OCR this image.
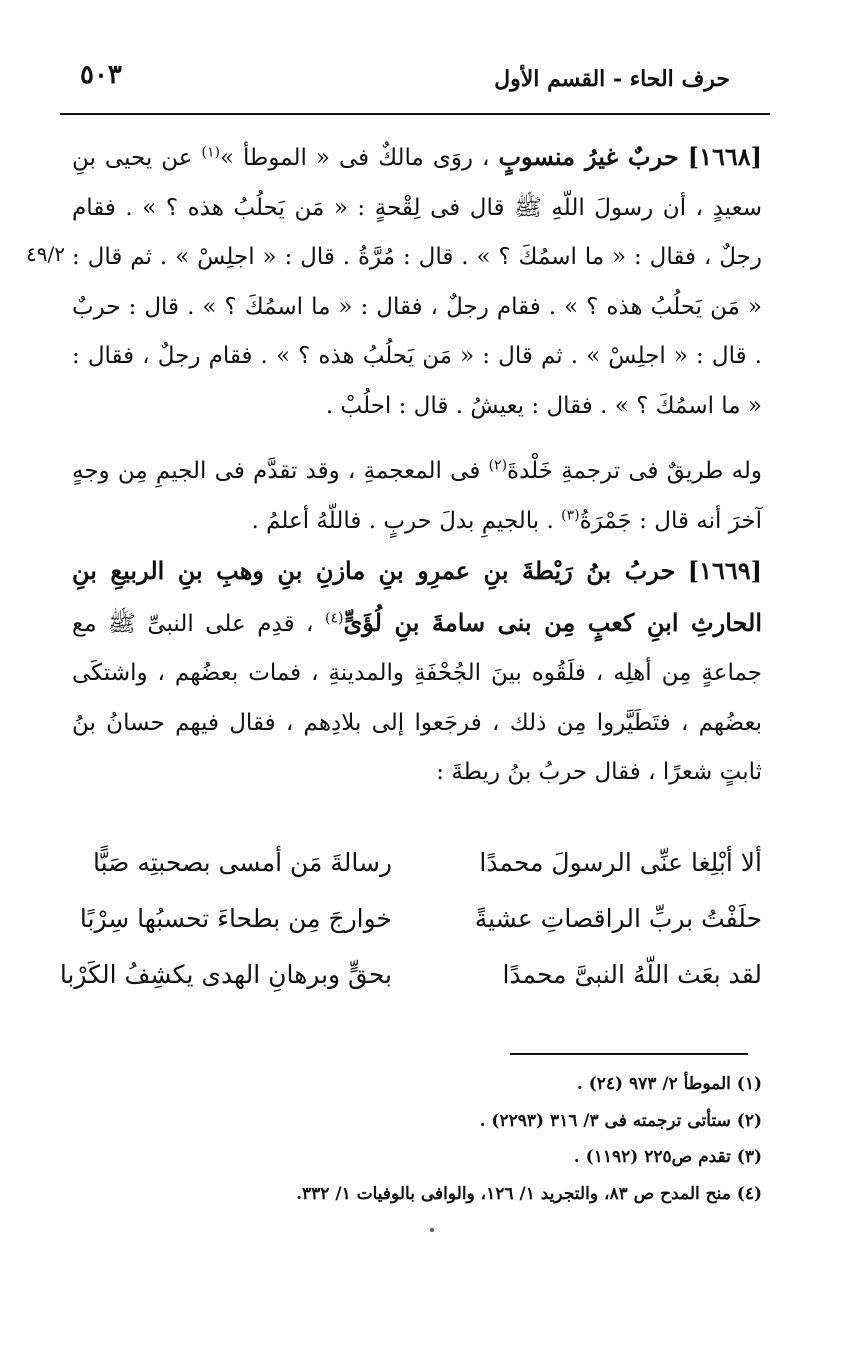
٥٠٣	حرف الحاء - القسم الأول
٤٩/٢

[١٦٦٨] حربٌ غيرُ منسوبٍ ، روَى مالكٌ فى « الموطأ »$^{(١)}$ عن يحيى بنِ سعيدٍ ، أن رسولَ اللّهِ ﷺ قال فى لِقْحةٍ : « مَن يَحلُبُ هذه ؟ » . فقام رجلٌ ، فقال : « ما اسمُكَ ؟ » . قال : مُرَّةُ . قال : « اجلِسْ » . ثم قال : « مَن يَحلُبُ هذه ؟ » . فقام رجلٌ ، فقال : « ما اسمُكَ ؟ » . قال : حربٌ . قال : « اجلِسْ » . ثم قال : « مَن يَحلُبُ هذه ؟ » . فقام رجلٌ ، فقال : « ما اسمُكَ ؟ » . فقال : يعيشُ . قال : احلُبْ .

وله طريقٌ فى ترجمةِ خَلْدةَ$^{(٢)}$ فى المعجمةِ ، وقد تقدَّم فى الجيمِ مِن وجهٍ آخرَ أنه قال : جَمْرَةُ$^{(٣)}$ . بالجيمِ بدلَ حربٍ . فاللّهُ أعلمُ .

[١٦٦٩] حربُ بنُ رَيْطةَ بنِ عمرِو بنِ مازنِ بنِ وهبِ بنِ الربيعِ بنِ الحارثِ ابنِ كعبٍ مِن بنى سامةَ بنِ لُؤَىٍّ$^{(٤)}$ ، قدِم على النبىِّ ﷺ مع جماعةٍ مِن أهلِه ، فلَقُوه بينَ الجُحْفَةِ والمدينةِ ، فمات بعضُهم ، واشتكَى بعضُهم ، فتَطَيَّروا مِن ذلك ، فرجَعوا إلى بلادِهم ، فقال فيهم حسانُ بنُ ثابتٍ شعرًا ، فقال حربُ بنُ ريطةَ :

ألا أبْلِغا عنِّى الرسولَ محمدًا
رسالةَ مَن أمسى بصحبتِه صَبًّا
حلَفْتُ بربِّ الراقصاتِ عشيةً
خوارجَ مِن بطحاءَ تحسبُها سِرْبًا
لقد بعَث اللّهُ النبىَّ محمدًا
بحقٍّ وبرهانِ الهدى يكشِفُ الكَرْبا

(١) الموطأ ٢/ ٩٧٣ (٢٤) .

(٢) ستأتى ترجمته فى ٣/ ٣١٦ (٢٢٩٣) .

(٣) تقدم ص٢٢٥ (١١٩٢) .

(٤) منح المدح ص ٨٣، والتجريد ١/ ١٢٦، والوافى بالوفيات ١/ ٣٣٢.
